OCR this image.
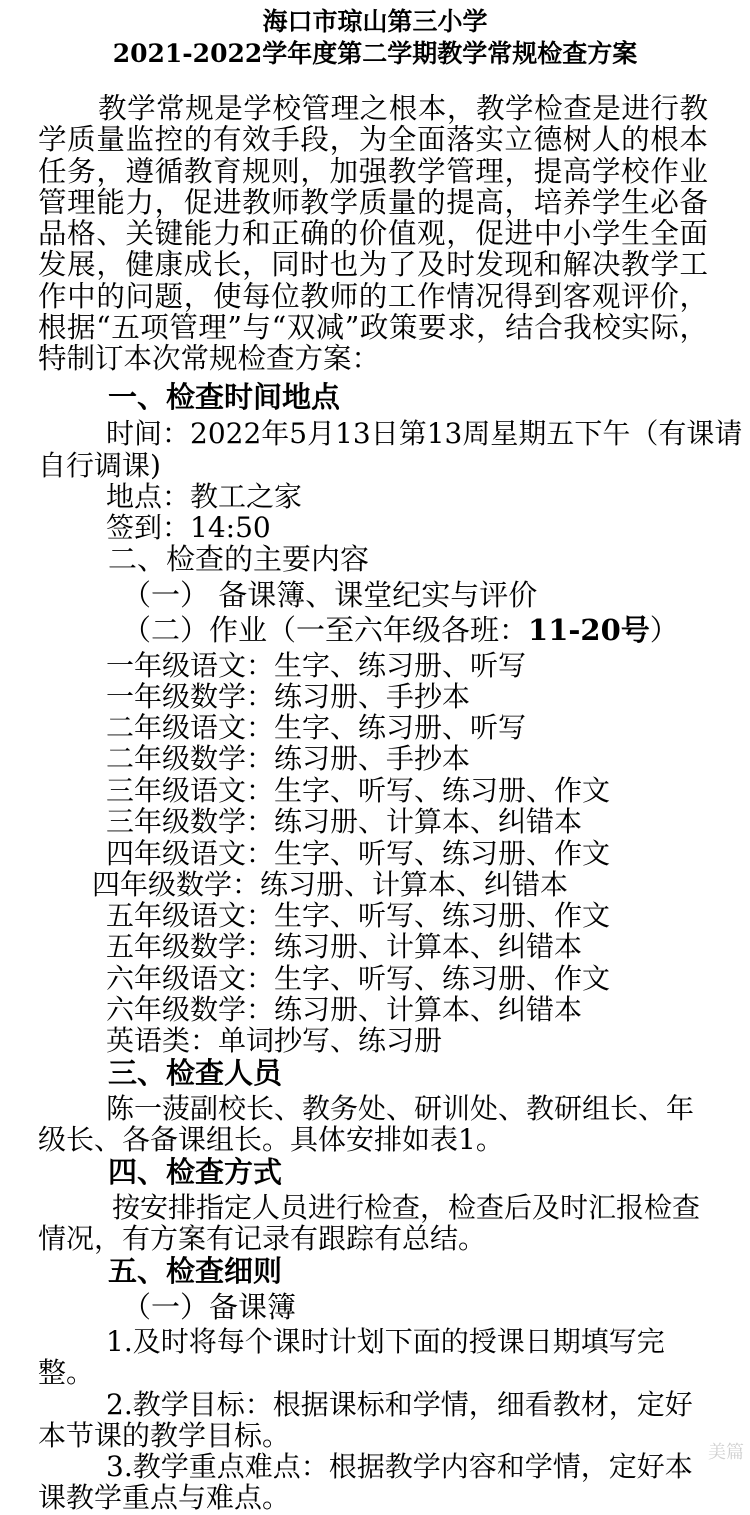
海口市琼山第三小学
2021-2022学年度第二学期教学常规检查方案
教学常规是学校管理之根本，教学检查是进行教学质量监控的有效手段，为全面落实立德树人的根本任务，遵循教育规则，加强教学管理，提高学校作业管理能力，促进教师教学质量的提高，培养学生必备品格、关键能力和正确的价值观，促进中小学生全面发展，健康成长，同时也为了及时发现和解决教学工作中的问题，使每位教师的工作情况得到客观评价，根据“五项管理”与“双减”政策要求，结合我校实际，特制订本次常规检查方案：
一、检查时间地点
时间：2022年5月13日第13周星期五下午（有课请
自行调课)
地点：教工之家
签到：14:50
二、检查的主要内容
（一） 备课簿、课堂纪实与评价
（二）作业（一至六年级各班：11-20号）
一年级语文：生字、练习册、听写
一年级数学：练习册、手抄本
二年级语文：生字、练习册、听写
二年级数学：练习册、手抄本
三年级语文：生字、听写、练习册、作文
三年级数学：练习册、计算本、纠错本
四年级语文：生字、听写、练习册、作文
四年级数学：练习册、计算本、纠错本
五年级语文：生字、听写、练习册、作文
五年级数学：练习册、计算本、纠错本
六年级语文：生字、听写、练习册、作文
六年级数学：练习册、计算本、纠错本
英语类：单词抄写、练习册
三、检查人员
陈一菠副校长、教务处、研训处、教研组长、年
级长、各备课组长。具体安排如表1。
四、检查方式
按安排指定人员进行检查，检查后及时汇报检查
情况，有方案有记录有跟踪有总结。
五、检查细则
（一）备课簿
1.及时将每个课时计划下面的授课日期填写完
整。
2.教学目标：根据课标和学情，细看教材，定好
本节课的教学目标。
3.教学重点难点：根据教学内容和学情，定好本
课教学重点与难点。
美篇
